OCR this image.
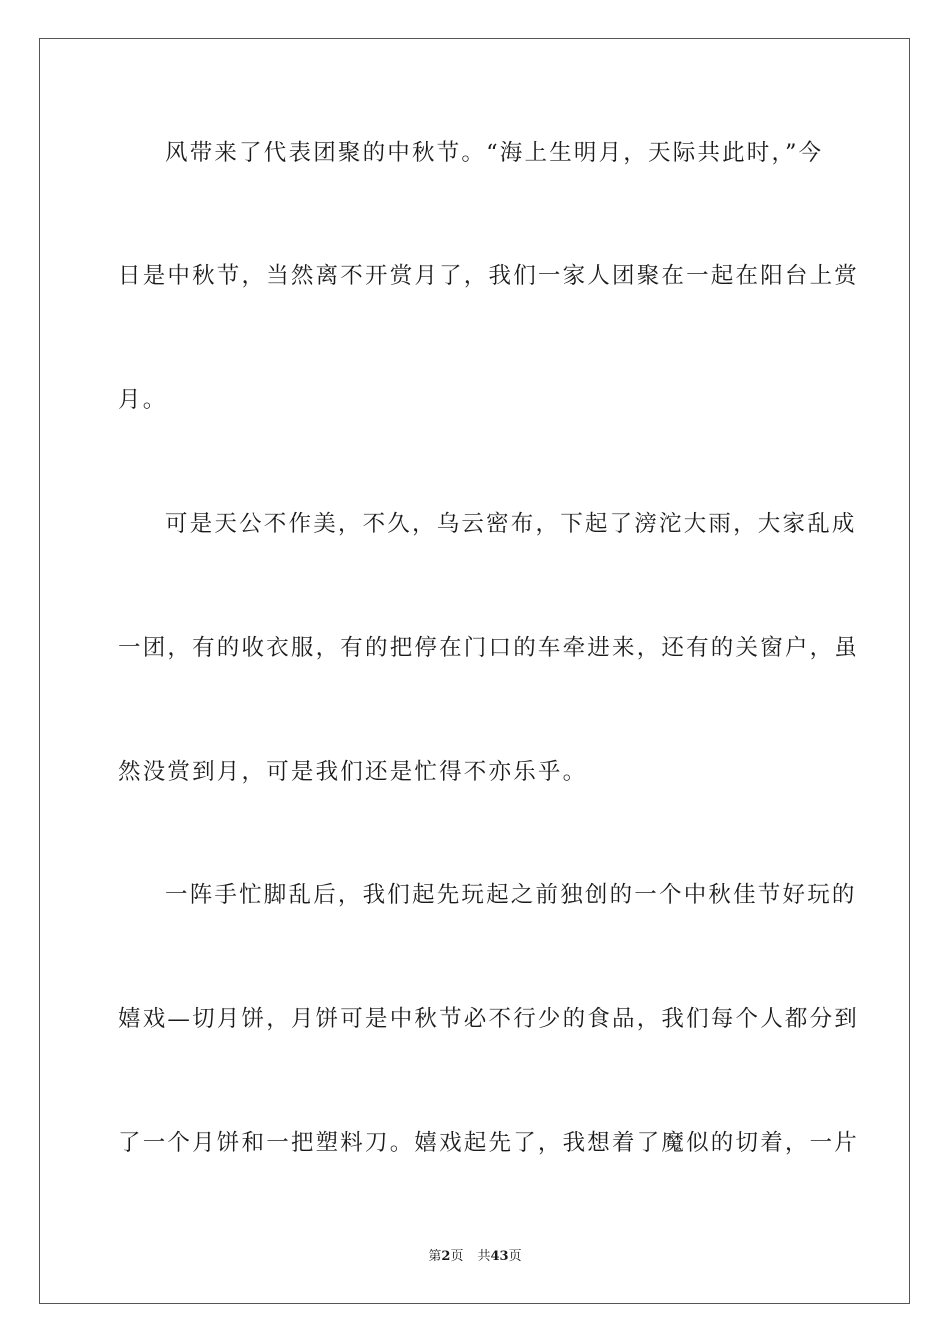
风带来了代表团聚的中秋节。“海上生明月，天际共此时，”今
日是中秋节，当然离不开赏月了，我们一家人团聚在一起在阳台上赏
月。
可是天公不作美，不久，乌云密布，下起了滂沱大雨，大家乱成
一团，有的收衣服，有的把停在门口的车牵进来，还有的关窗户，虽
然没赏到月，可是我们还是忙得不亦乐乎。
一阵手忙脚乱后，我们起先玩起之前独创的一个中秋佳节好玩的
嬉戏—切月饼，月饼可是中秋节必不行少的食品，我们每个人都分到
了一个月饼和一把塑料刀。嬉戏起先了，我想着了魔似的切着，一片
第2页 共43页
